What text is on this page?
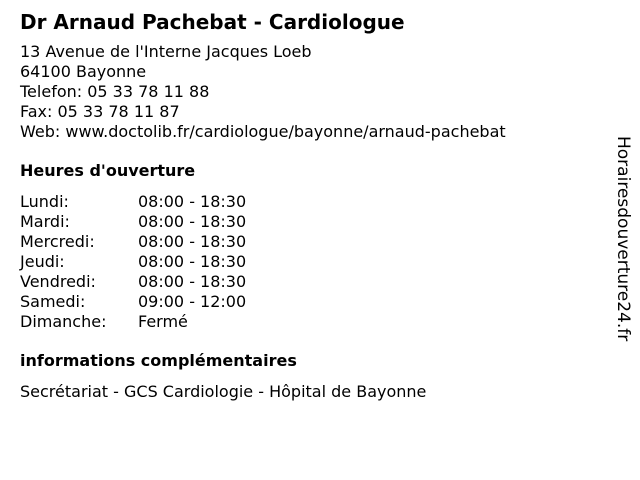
Dr Arnaud Pachebat - Cardiologue
13 Avenue de l'Interne Jacques Loeb
64100 Bayonne
Telefon: 05 33 78 11 88
Fax: 05 33 78 11 87
Web: www.doctolib.fr/cardiologue/bayonne/arnaud-pachebat
Heures d'ouverture
Lundi:	08:00 - 18:30
Mardi:	08:00 - 18:30
Mercredi:	08:00 - 18:30
Jeudi:	08:00 - 18:30
Vendredi:	08:00 - 18:30
Samedi:	09:00 - 12:00
Dimanche: Fermé
informations complémentaires
Secrétariat - GCS Cardiologie - Hôpital de Bayonne
Horairesdouverture24.fr
